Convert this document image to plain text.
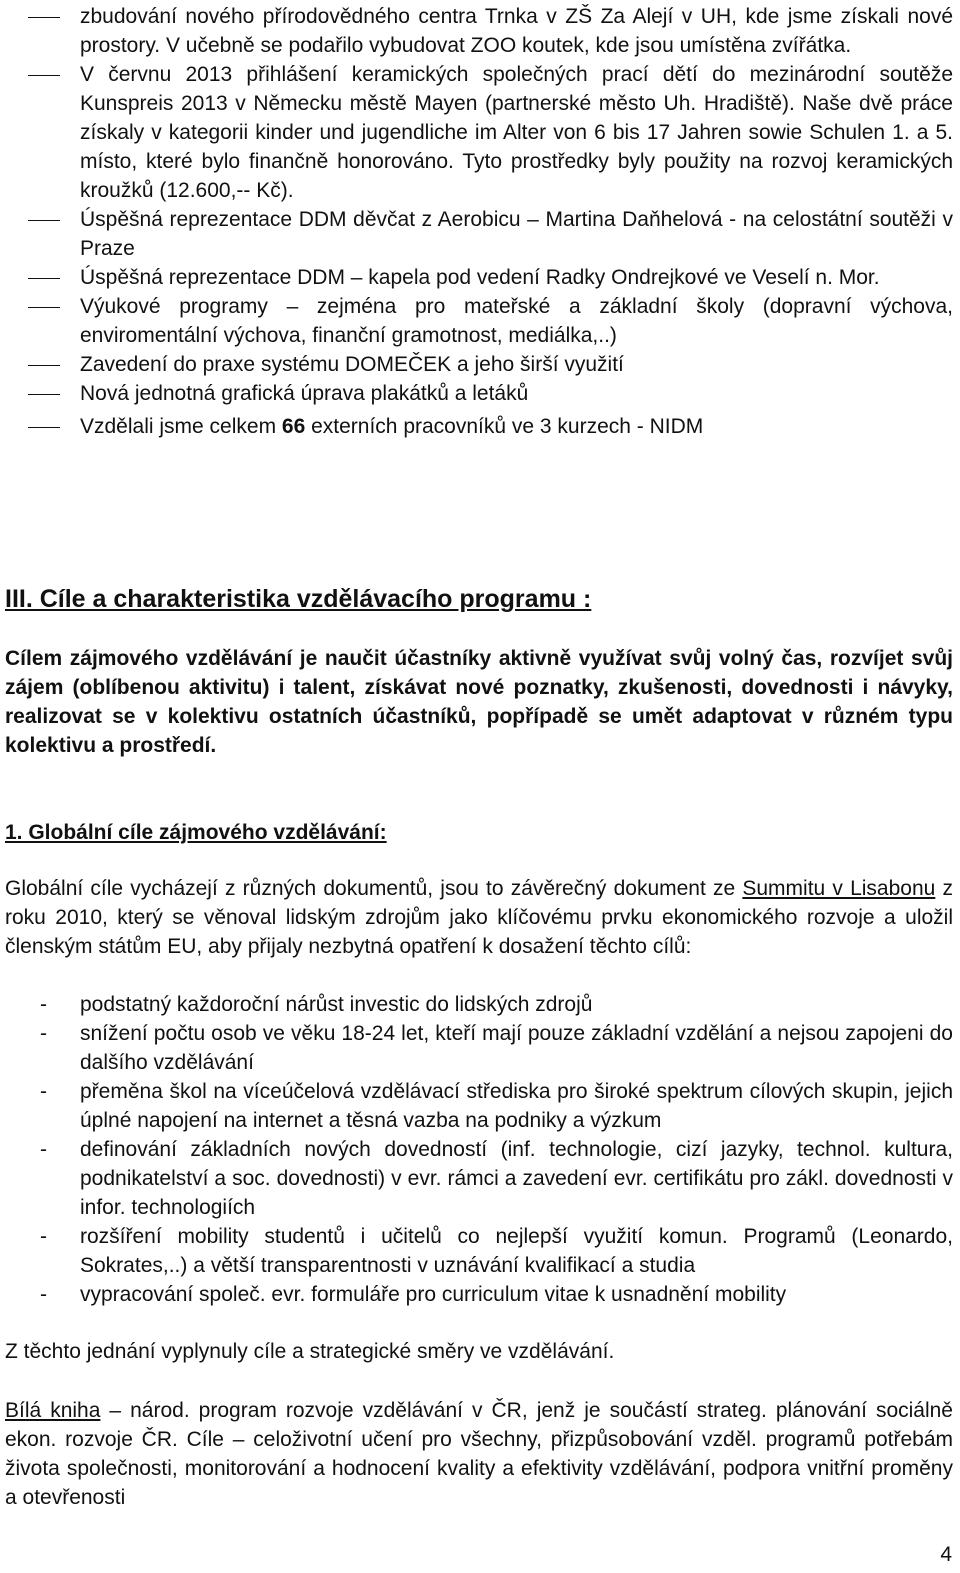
zbudování nového přírodovědného centra Trnka v ZŠ Za Alejí v UH, kde jsme získali nové prostory. V učebně se podařilo vybudovat ZOO koutek, kde jsou umístěna zvířátka.
V červnu 2013 přihlášení keramických společných prací dětí do mezinárodní soutěže Kunspreis 2013 v Německu městě Mayen (partnerské město Uh. Hradiště). Naše dvě práce získaly v kategorii kinder und jugendliche im Alter von 6 bis 17 Jahren sowie Schulen 1. a 5. místo, které bylo finančně honorováno. Tyto prostředky byly použity na rozvoj keramických kroužků (12.600,-- Kč).
Úspěšná reprezentace DDM děvčat z Aerobicu – Martina Daňhelová - na celostátní soutěži v Praze
Úspěšná reprezentace DDM – kapela pod vedení Radky Ondrejkové ve Veselí n. Mor.
Výukové programy – zejména pro mateřské a základní školy (dopravní výchova, enviromentální výchova, finanční gramotnost, mediálka,..)
Zavedení do praxe systému DOMEČEK a jeho širší využití
Nová jednotná grafická úprava plakátků a letáků
Vzdělali jsme celkem 66 externích pracovníků ve 3 kurzech - NIDM
III. Cíle a charakteristika vzdělávacího programu :
Cílem zájmového vzdělávání je naučit účastníky aktivně využívat svůj volný čas, rozvíjet svůj zájem (oblíbenou aktivitu) i talent, získávat nové poznatky, zkušenosti, dovednosti i návyky, realizovat se v kolektivu ostatních účastníků, popřípadě se umět adaptovat v různém typu kolektivu a prostředí.
1. Globální cíle zájmového vzdělávání:
Globální cíle vycházejí z různých dokumentů, jsou to závěrečný dokument ze Summitu v Lisabonu z roku 2010, který se věnoval lidským zdrojům jako klíčovému prvku ekonomického rozvoje a uložil členským státům EU, aby přijaly nezbytná opatření k dosažení těchto cílů:
- podstatný každoroční nárůst investic do lidských zdrojů
- snížení počtu osob ve věku 18-24 let, kteří mají pouze základní vzdělání a nejsou zapojeni do dalšího vzdělávání
- přeměna škol na víceúčelová vzdělávací střediska pro široké spektrum cílových skupin, jejich úplné napojení na internet a těsná vazba na podniky a výzkum
- definování základních nových dovedností (inf. technologie, cizí jazyky, technol. kultura, podnikatelství a soc. dovednosti) v evr. rámci a zavedení evr. certifikátu pro zákl. dovednosti v infor. technologiích
- rozšíření mobility studentů i učitelů co nejlepší využití komun. Programů (Leonardo, Sokrates,..) a větší transparentnosti v uznávání kvalifikací a studia
- vypracování společ. evr. formuláře pro curriculum vitae k usnadnění mobility
Z těchto jednání vyplynuly cíle a strategické směry ve vzdělávání.
Bílá kniha – národ. program rozvoje vzdělávání v ČR, jenž je součástí strateg. plánování sociálně ekon. rozvoje ČR. Cíle – celoživotní učení pro všechny, přizpůsobování vzděl. programů potřebám života společnosti, monitorování a hodnocení kvality a efektivity vzdělávání, podpora vnitřní proměny a otevřenosti
4
